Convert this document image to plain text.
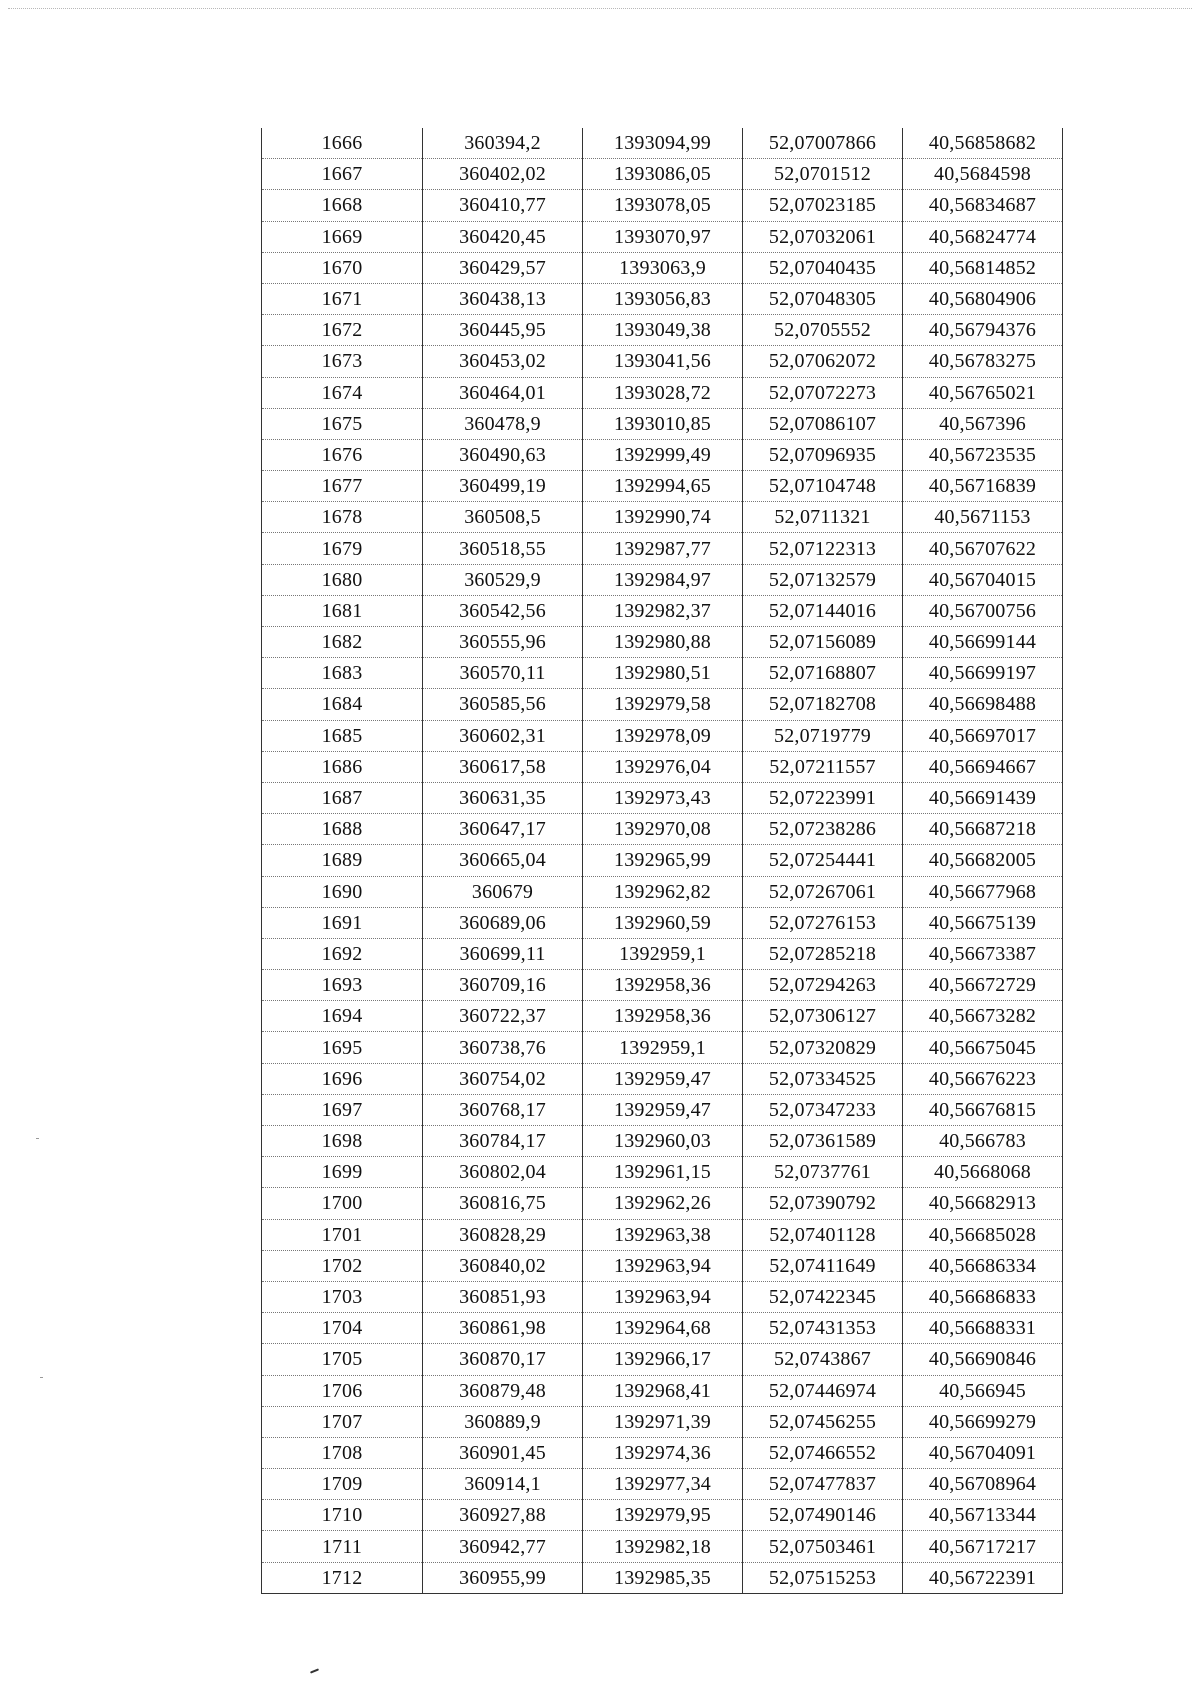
1666	360394,2	1393094,99	52,07007866	40,56858682
1667	360402,02	1393086,05	52,0701512	40,5684598
1668	360410,77	1393078,05	52,07023185	40,56834687
1669	360420,45	1393070,97	52,07032061	40,56824774
1670	360429,57	1393063,9	52,07040435	40,56814852
1671	360438,13	1393056,83	52,07048305	40,56804906
1672	360445,95	1393049,38	52,0705552	40,56794376
1673	360453,02	1393041,56	52,07062072	40,56783275
1674	360464,01	1393028,72	52,07072273	40,56765021
1675	360478,9	1393010,85	52,07086107	40,567396
1676	360490,63	1392999,49	52,07096935	40,56723535
1677	360499,19	1392994,65	52,07104748	40,56716839
1678	360508,5	1392990,74	52,0711321	40,5671153
1679	360518,55	1392987,77	52,07122313	40,56707622
1680	360529,9	1392984,97	52,07132579	40,56704015
1681	360542,56	1392982,37	52,07144016	40,56700756
1682	360555,96	1392980,88	52,07156089	40,56699144
1683	360570,11	1392980,51	52,07168807	40,56699197
1684	360585,56	1392979,58	52,07182708	40,56698488
1685	360602,31	1392978,09	52,0719779	40,56697017
1686	360617,58	1392976,04	52,07211557	40,56694667
1687	360631,35	1392973,43	52,07223991	40,56691439
1688	360647,17	1392970,08	52,07238286	40,56687218
1689	360665,04	1392965,99	52,07254441	40,56682005
1690	360679	1392962,82	52,07267061	40,56677968
1691	360689,06	1392960,59	52,07276153	40,56675139
1692	360699,11	1392959,1	52,07285218	40,56673387
1693	360709,16	1392958,36	52,07294263	40,56672729
1694	360722,37	1392958,36	52,07306127	40,56673282
1695	360738,76	1392959,1	52,07320829	40,56675045
1696	360754,02	1392959,47	52,07334525	40,56676223
1697	360768,17	1392959,47	52,07347233	40,56676815
1698	360784,17	1392960,03	52,07361589	40,566783
1699	360802,04	1392961,15	52,0737761	40,5668068
1700	360816,75	1392962,26	52,07390792	40,56682913
1701	360828,29	1392963,38	52,07401128	40,56685028
1702	360840,02	1392963,94	52,07411649	40,56686334
1703	360851,93	1392963,94	52,07422345	40,56686833
1704	360861,98	1392964,68	52,07431353	40,56688331
1705	360870,17	1392966,17	52,0743867	40,56690846
1706	360879,48	1392968,41	52,07446974	40,566945
1707	360889,9	1392971,39	52,07456255	40,56699279
1708	360901,45	1392974,36	52,07466552	40,56704091
1709	360914,1	1392977,34	52,07477837	40,56708964
1710	360927,88	1392979,95	52,07490146	40,56713344
1711	360942,77	1392982,18	52,07503461	40,56717217
1712	360955,99	1392985,35	52,07515253	40,56722391
